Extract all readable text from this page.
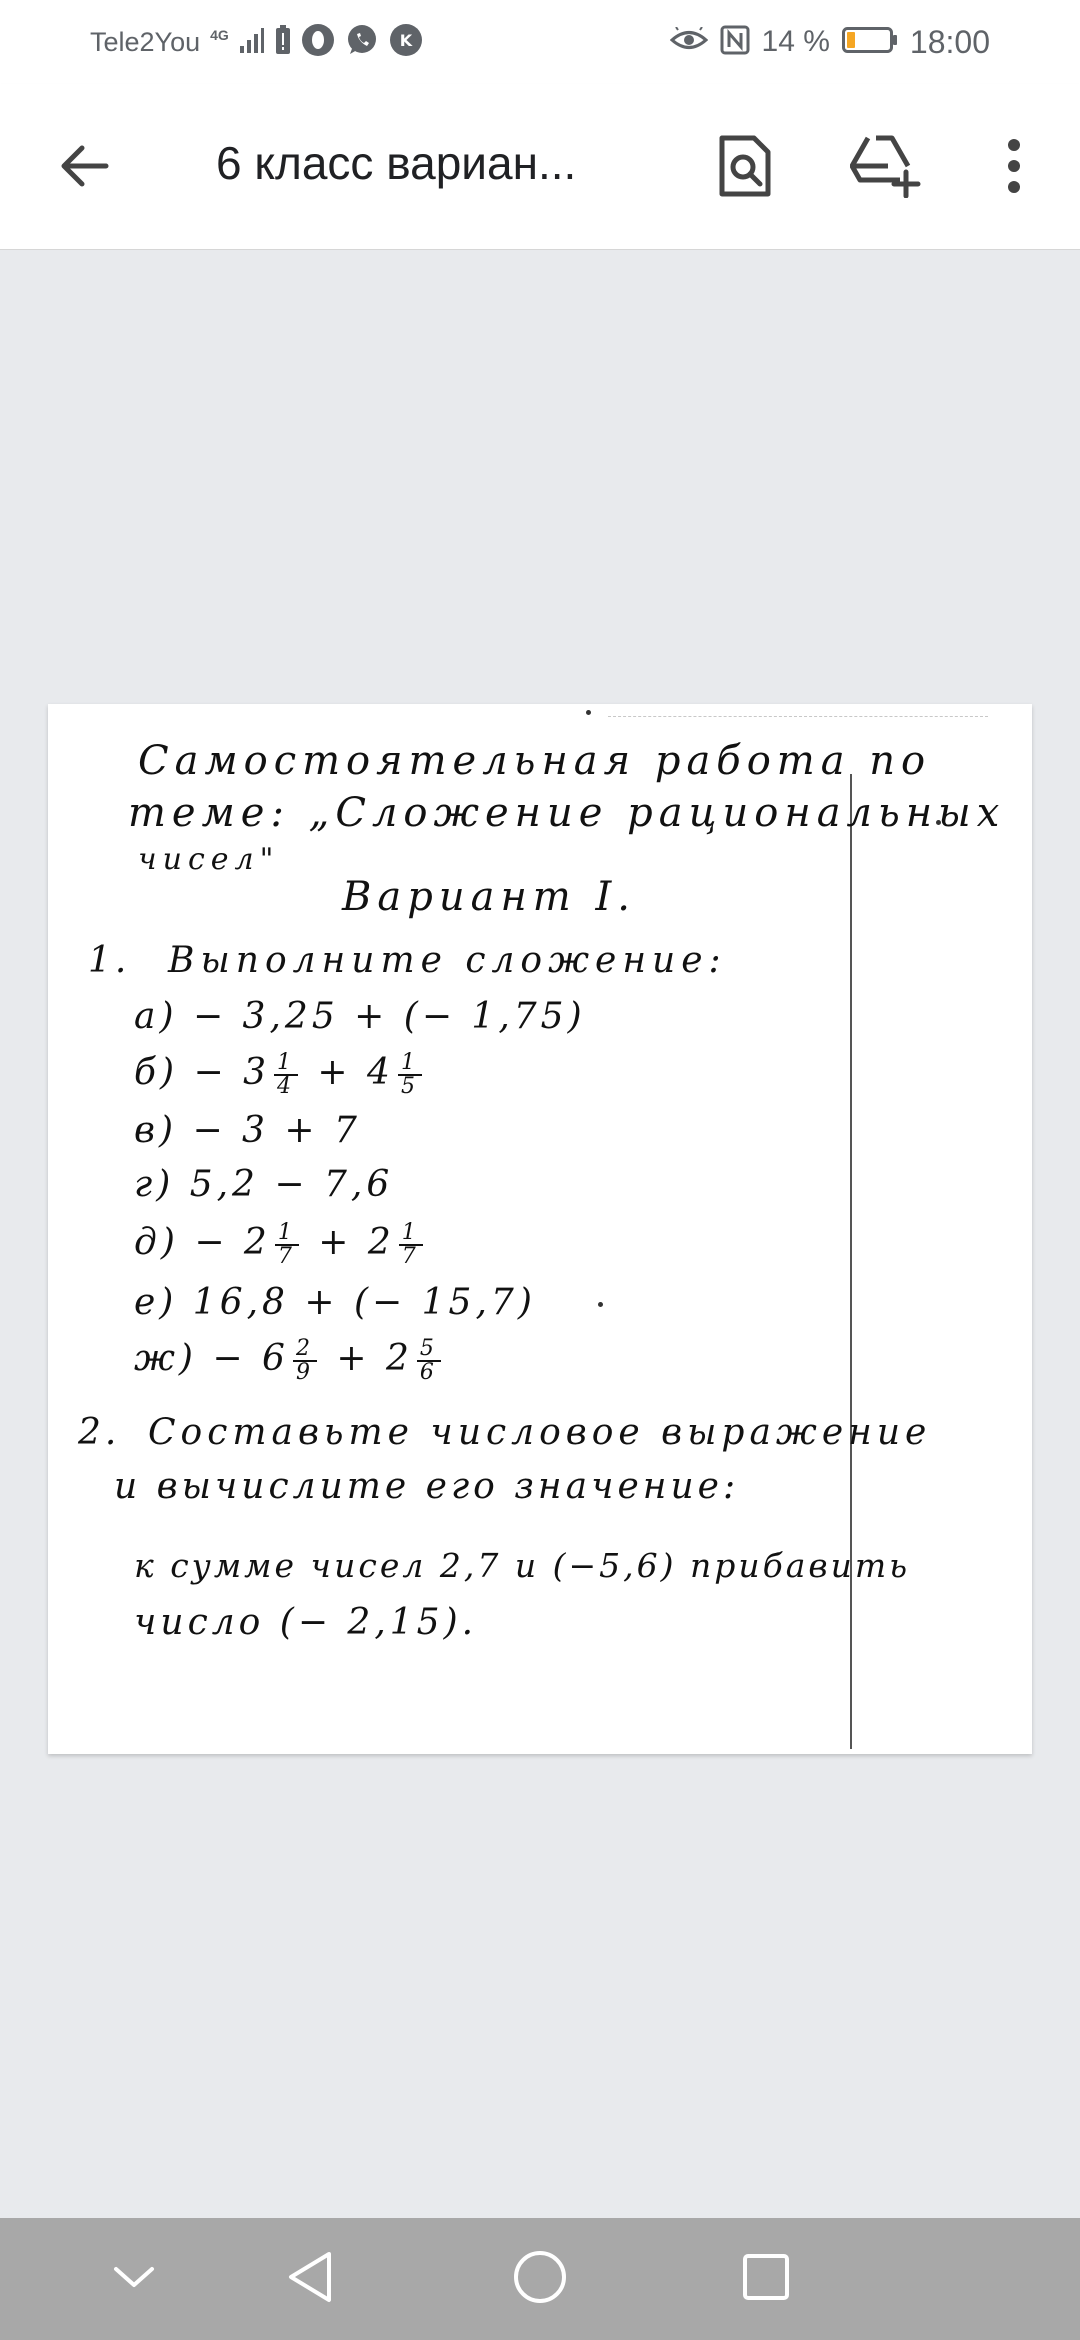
Tele2You 4G	K	14 %	18:00
6 класс вариан...
Самостоятельная работа по
теме: „Сложение рациональных
чисел"
Вариант I.
1. Выполните сложение:
а) − 3,25 + (− 1,75)
$б) - 3 \frac{1}{4} + 4 \frac{1}{5}$
в) − 3 + 7
г) 5,2 − 7,6
$д) - 2 \frac{1}{7} + 2 \frac{1}{7}$
е) 16,8 + (− 15,7)
$ж) - 6 \frac{2}{9} + 2 \frac{5}{6}$
2. Составьте числовое выражение
и вычислите его значение:
к сумме чисел 2,7 и (−5,6) прибавить
число (− 2,15).
